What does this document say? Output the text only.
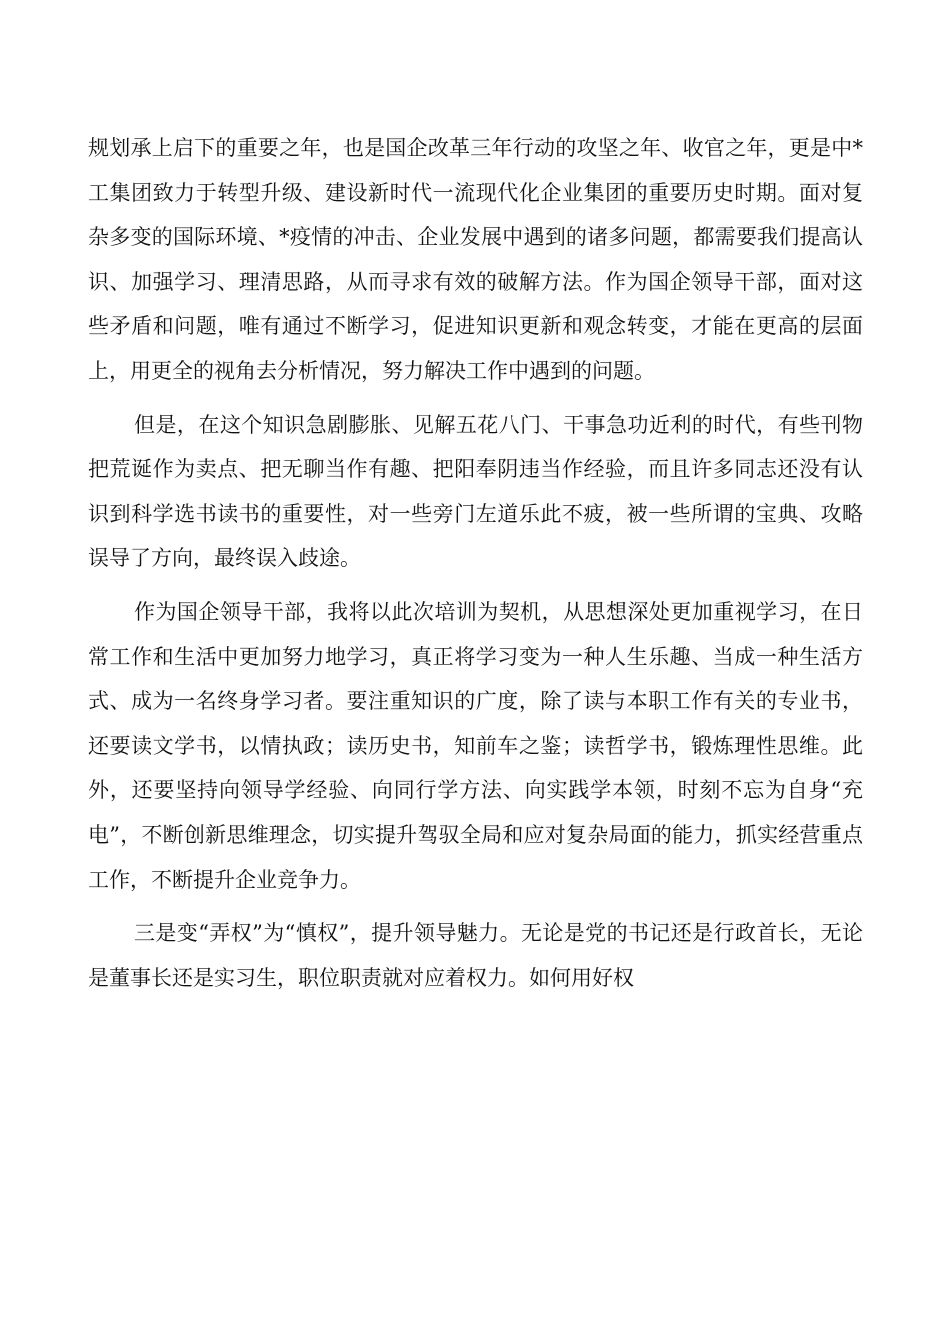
规划承上启下的重要之年，也是国企改革三年行动的攻坚之年、收官之年，更是中*工集团致力于转型升级、建设新时代一流现代化企业集团的重要历史时期。面对复杂多变的国际环境、*疫情的冲击、企业发展中遇到的诸多问题，都需要我们提高认识、加强学习、理清思路，从而寻求有效的破解方法。作为国企领导干部，面对这些矛盾和问题，唯有通过不断学习，促进知识更新和观念转变，才能在更高的层面上，用更全的视角去分析情况，努力解决工作中遇到的问题。

但是，在这个知识急剧膨胀、见解五花八门、干事急功近利的时代，有些刊物把荒诞作为卖点、把无聊当作有趣、把阳奉阴违当作经验，而且许多同志还没有认识到科学选书读书的重要性，对一些旁门左道乐此不疲，被一些所谓的宝典、攻略误导了方向，最终误入歧途。

作为国企领导干部，我将以此次培训为契机，从思想深处更加重视学习，在日常工作和生活中更加努力地学习，真正将学习变为一种人生乐趣、当成一种生活方式、成为一名终身学习者。要注重知识的广度，除了读与本职工作有关的专业书，还要读文学书，以情执政；读历史书，知前车之鉴；读哲学书，锻炼理性思维。此外，还要坚持向领导学经验、向同行学方法、向实践学本领，时刻不忘为自身“充电”，不断创新思维理念，切实提升驾驭全局和应对复杂局面的能力，抓实经营重点工作，不断提升企业竞争力。

三是变“弄权”为“慎权”，提升领导魅力。无论是党的书记还是行政首长，无论是董事长还是实习生，职位职责就对应着权力。如何用好权
